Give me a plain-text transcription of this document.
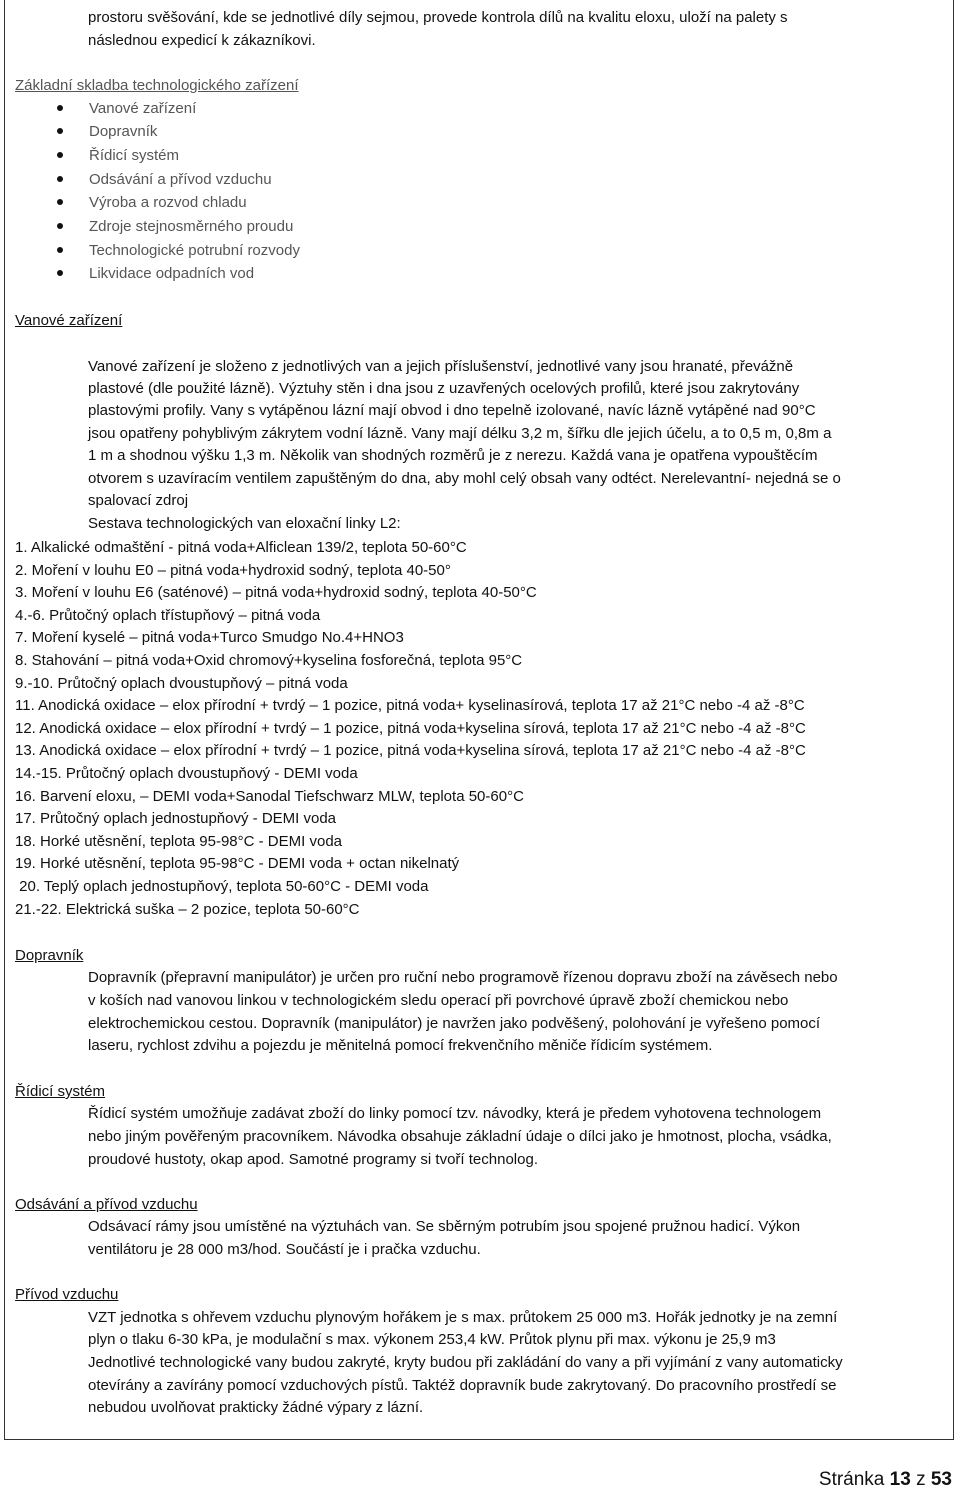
prostoru svěšování, kde se jednotlivé díly sejmou, provede kontrola dílů na kvalitu eloxu, uloží na palety s
následnou expedicí k zákazníkovi.
Základní skladba technologického zařízení
Vanové zařízení
Dopravník
Řídicí systém
Odsávání a přívod vzduchu
Výroba a rozvod chladu
Zdroje stejnosměrného proudu
Technologické potrubní rozvody
Likvidace odpadních vod
Vanové zařízení
Vanové zařízení je složeno z jednotlivých van a jejich příslušenství, jednotlivé vany jsou hranaté, převážně
plastové (dle použité lázně). Výztuhy stěn i dna jsou z uzavřených ocelových profilů, které jsou zakrytovány
plastovými profily. Vany s vytápěnou lázní mají obvod i dno tepelně izolované, navíc lázně vytápěné nad 90°C
jsou opatřeny pohyblivým zákrytem vodní lázně. Vany mají délku 3,2 m, šířku dle jejich účelu, a to 0,5 m, 0,8m a
1 m a shodnou výšku 1,3 m. Několik van shodných rozměrů je z nerezu. Každá vana je opatřena vypouštěcím
otvorem s uzavíracím ventilem zapuštěným do dna, aby mohl celý obsah vany odtéct. Nerelevantní- nejedná se o
spalovací zdroj
Sestava technologických van eloxační linky L2:
1. Alkalické odmaštění - pitná voda+Alficlean 139/2, teplota 50-60°C
2. Moření v louhu E0 – pitná voda+hydroxid sodný, teplota 40-50°
3. Moření v louhu E6 (saténové) – pitná voda+hydroxid sodný, teplota 40-50°C
4.-6. Průtočný oplach třístupňový – pitná voda
7. Moření kyselé – pitná voda+Turco Smudgo No.4+HNO3
8. Stahování – pitná voda+Oxid chromový+kyselina fosforečná, teplota 95°C
9.-10. Průtočný oplach dvoustupňový – pitná voda
11. Anodická oxidace – elox přírodní + tvrdý – 1 pozice, pitná voda+ kyselinasírová, teplota 17 až 21°C nebo -4 až -8°C
12. Anodická oxidace – elox přírodní + tvrdý – 1 pozice, pitná voda+kyselina sírová, teplota 17 až 21°C nebo -4 až -8°C
13. Anodická oxidace – elox přírodní + tvrdý – 1 pozice, pitná voda+kyselina sírová, teplota 17 až 21°C nebo -4 až -8°C
14.-15. Průtočný oplach dvoustupňový - DEMI voda
16. Barvení eloxu, – DEMI voda+Sanodal Tiefschwarz MLW, teplota 50-60°C
17. Průtočný oplach jednostupňový - DEMI voda
18. Horké utěsnění, teplota 95-98°C - DEMI voda
19. Horké utěsnění, teplota 95-98°C - DEMI voda + octan nikelnatý
20. Teplý oplach jednostupňový, teplota 50-60°C - DEMI voda
21.-22. Elektrická suška – 2 pozice, teplota 50-60°C
Dopravník
Dopravník (přepravní manipulátor) je určen pro ruční nebo programově řízenou dopravu zboží na závěsech nebo
v koších nad vanovou linkou v technologickém sledu operací při povrchové úpravě zboží chemickou nebo
elektrochemickou cestou. Dopravník (manipulátor) je navržen jako podvěšený, polohování je vyřešeno pomocí
laseru, rychlost zdvihu a pojezdu je měnitelná pomocí frekvenčního měniče řídicím systémem.
Řídicí systém
Řídicí systém umožňuje zadávat zboží do linky pomocí tzv. návodky, která je předem vyhotovena technologem
nebo jiným pověřeným pracovníkem. Návodka obsahuje základní údaje o dílci jako je hmotnost, plocha, vsádka,
proudové hustoty, okap apod. Samotné programy si tvoří technolog.
Odsávání a přívod vzduchu
Odsávací rámy jsou umístěné na výztuhách van. Se sběrným potrubím jsou spojené pružnou hadicí. Výkon
ventilátoru je 28 000 m3/hod. Součástí je i pračka vzduchu.
Přívod vzduchu
VZT jednotka s ohřevem vzduchu plynovým hořákem je s max. průtokem 25 000 m3. Hořák jednotky je na zemní
plyn o tlaku 6-30 kPa, je modulační s max. výkonem 253,4 kW. Průtok plynu při max. výkonu je 25,9 m3
Jednotlivé technologické vany budou zakryté, kryty budou při zakládání do vany a při vyjímání z vany automaticky
otevírány a zavírány pomocí vzduchových pístů. Taktéž dopravník bude zakrytovaný. Do pracovního prostředí se
nebudou uvolňovat prakticky žádné výpary z lázní.
Stránka 13 z 53
